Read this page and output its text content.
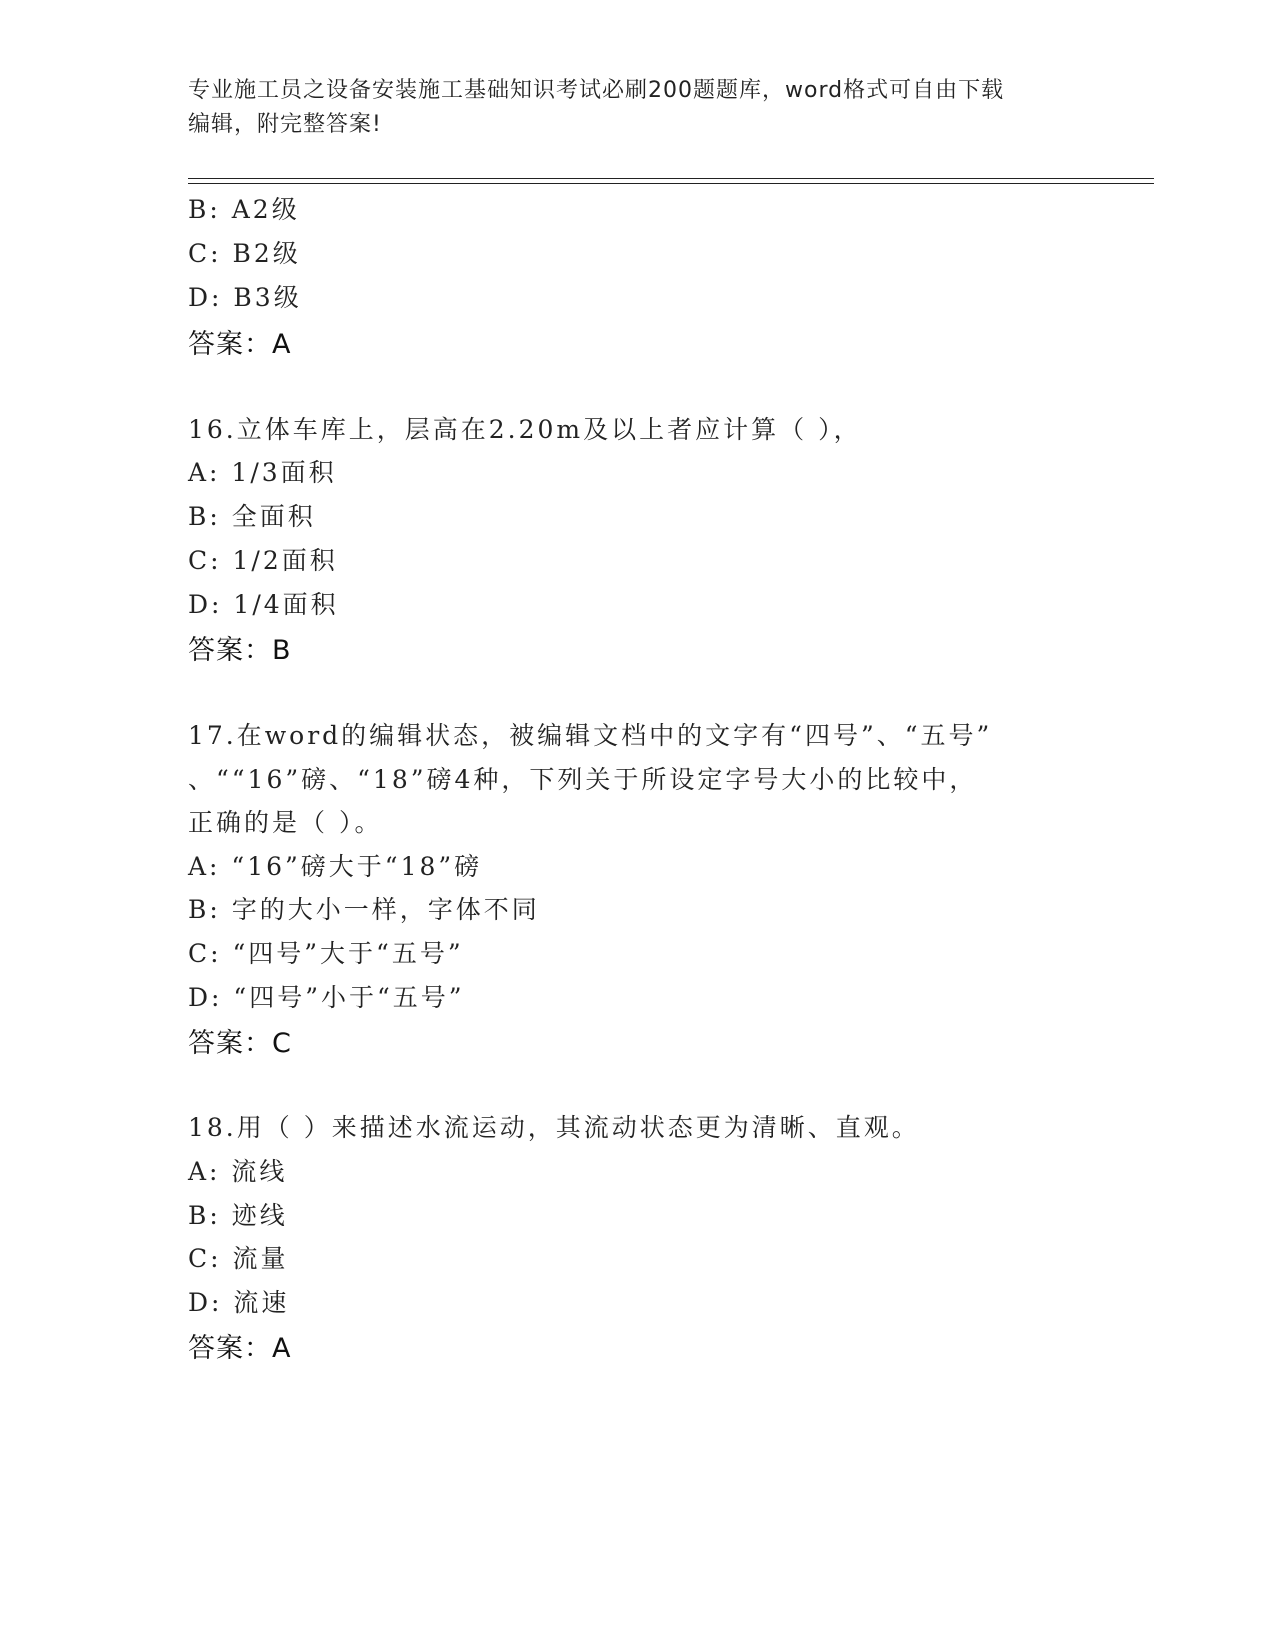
专业施工员之设备安装施工基础知识考试必刷200题题库，word格式可自由下载
编辑，附完整答案!
B: A2级
C: B2级
D: B3级
答案：A
16.立体车库上，层高在2.20m及以上者应计算（ ），
A: 1/3面积
B: 全面积
C: 1/2面积
D: 1/4面积
答案：B
17.在word的编辑状态，被编辑文档中的文字有“四号”、“五号”
、““16”磅、“18”磅4种，下列关于所设定字号大小的比较中，
正确的是（ ）。
A: “16”磅大于“18”磅
B: 字的大小一样，字体不同
C: “四号”大于“五号”
D: “四号”小于“五号”
答案：C
18.用（ ）来描述水流运动，其流动状态更为清晰、直观。
A: 流线
B: 迹线
C: 流量
D: 流速
答案：A
